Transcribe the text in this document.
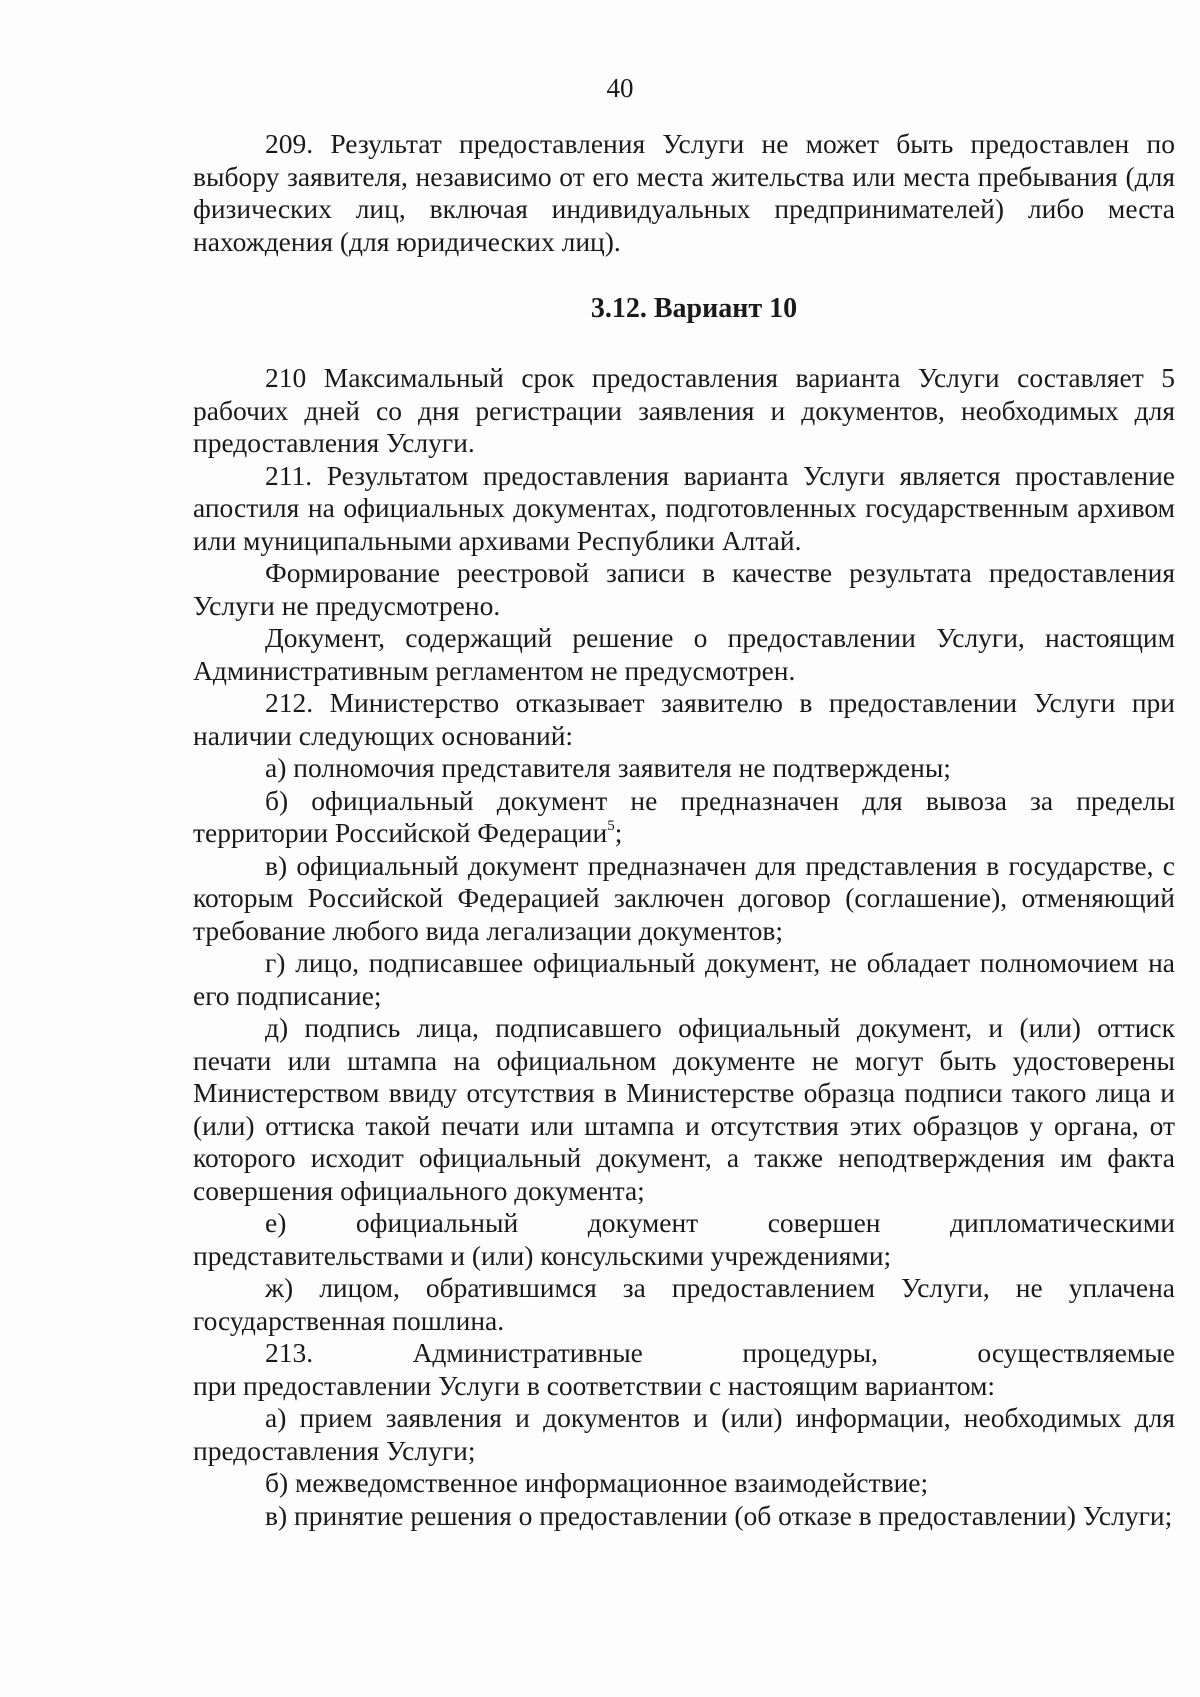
40

209. Результат предоставления Услуги не может быть предоставлен по выбору заявителя, независимо от его места жительства или места пребывания (для физических лиц, включая индивидуальных предпринимателей) либо места нахождения (для юридических лиц).

3.12. Вариант 10

210 Максимальный срок предоставления варианта Услуги составляет 5 рабочих дней со дня регистрации заявления и документов, необходимых для предоставления Услуги.

211. Результатом предоставления варианта Услуги является проставление апостиля на официальных документах, подготовленных государственным архивом или муниципальными архивами Республики Алтай.

Формирование реестровой записи в качестве результата предоставления Услуги не предусмотрено.

Документ, содержащий решение о предоставлении Услуги, настоящим Административным регламентом не предусмотрен.

212. Министерство отказывает заявителю в предоставлении Услуги при наличии следующих оснований:

а) полномочия представителя заявителя не подтверждены;

б) официальный документ не предназначен для вывоза за пределы территории Российской Федерации$^5$;

в) официальный документ предназначен для представления в государстве, с которым Российской Федерацией заключен договор (соглашение), отменяющий требование любого вида легализации документов;

г) лицо, подписавшее официальный документ, не обладает полномочием на его подписание;

д) подпись лица, подписавшего официальный документ, и (или) оттиск печати или штампа на официальном документе не могут быть удостоверены Министерством ввиду отсутствия в Министерстве образца подписи такого лица и (или) оттиска такой печати или штампа и отсутствия этих образцов у органа, от которого исходит официальный документ, а также неподтверждения им факта совершения официального документа;

е) официальный документ совершен дипломатическими представительствами и (или) консульскими учреждениями;

ж) лицом, обратившимся за предоставлением Услуги, не уплачена государственная пошлина.

213. Административные процедуры, осуществляемые

при предоставлении Услуги в соответствии с настоящим вариантом:

а) прием заявления и документов и (или) информации, необходимых для предоставления Услуги;

б) межведомственное информационное взаимодействие;

в) принятие решения о предоставлении (об отказе в предоставлении) Услуги;
